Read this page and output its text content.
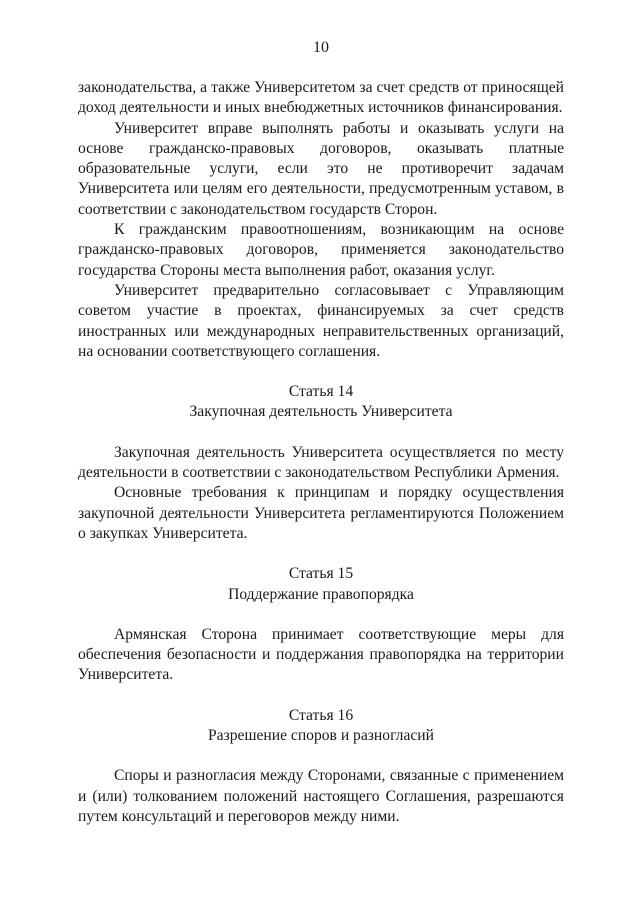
10

законодательства, а также Университетом за счет средств от приносящей доход деятельности и иных внебюджетных источников финансирования.

Университет вправе выполнять работы и оказывать услуги на основе гражданско-правовых договоров, оказывать платные образовательные услуги, если это не противоречит задачам Университета или целям его деятельности, предусмотренным уставом, в соответствии с законодательством государств Сторон.

К гражданским правоотношениям, возникающим на основе гражданско-правовых договоров, применяется законодательство государства Стороны места выполнения работ, оказания услуг.

Университет предварительно согласовывает с Управляющим советом участие в проектах, финансируемых за счет средств иностранных или международных неправительственных организаций, на основании соответствующего соглашения.

Статья 14

Закупочная деятельность Университета

Закупочная деятельность Университета осуществляется по месту деятельности в соответствии с законодательством Республики Армения.

Основные требования к принципам и порядку осуществления закупочной деятельности Университета регламентируются Положением о закупках Университета.

Статья 15

Поддержание правопорядка

Армянская Сторона принимает соответствующие меры для обеспечения безопасности и поддержания правопорядка на территории Университета.

Статья 16

Разрешение споров и разногласий

Споры и разногласия между Сторонами, связанные с применением и (или) толкованием положений настоящего Соглашения, разрешаются путем консультаций и переговоров между ними.
